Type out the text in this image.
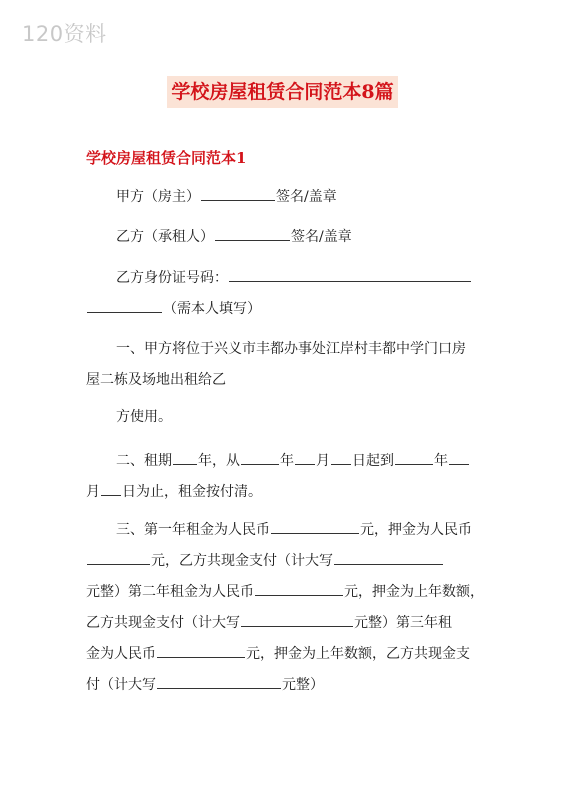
120资料
学校房屋租赁合同范本8篇
学校房屋租赁合同范本1
甲方（房主）	签名/盖章
乙方（承租人）	签名/盖章
乙方身份证号码：
（需本人填写）
一、甲方将位于兴义市丰都办事处江岸村丰都中学门口房
屋二栋及场地出租给乙
方使用。
二、租期 年，从	年 月 日起到	年
月 日为止，租金按付清。
三、第一年租金为人民币	元，押金为人民币
元，乙方共现金支付（计大写
元整）第二年租金为人民币	元，押金为上年数额，
乙方共现金支付（计大写	元整）第三年租
金为人民币	元，押金为上年数额，乙方共现金支
付（计大写	元整）
